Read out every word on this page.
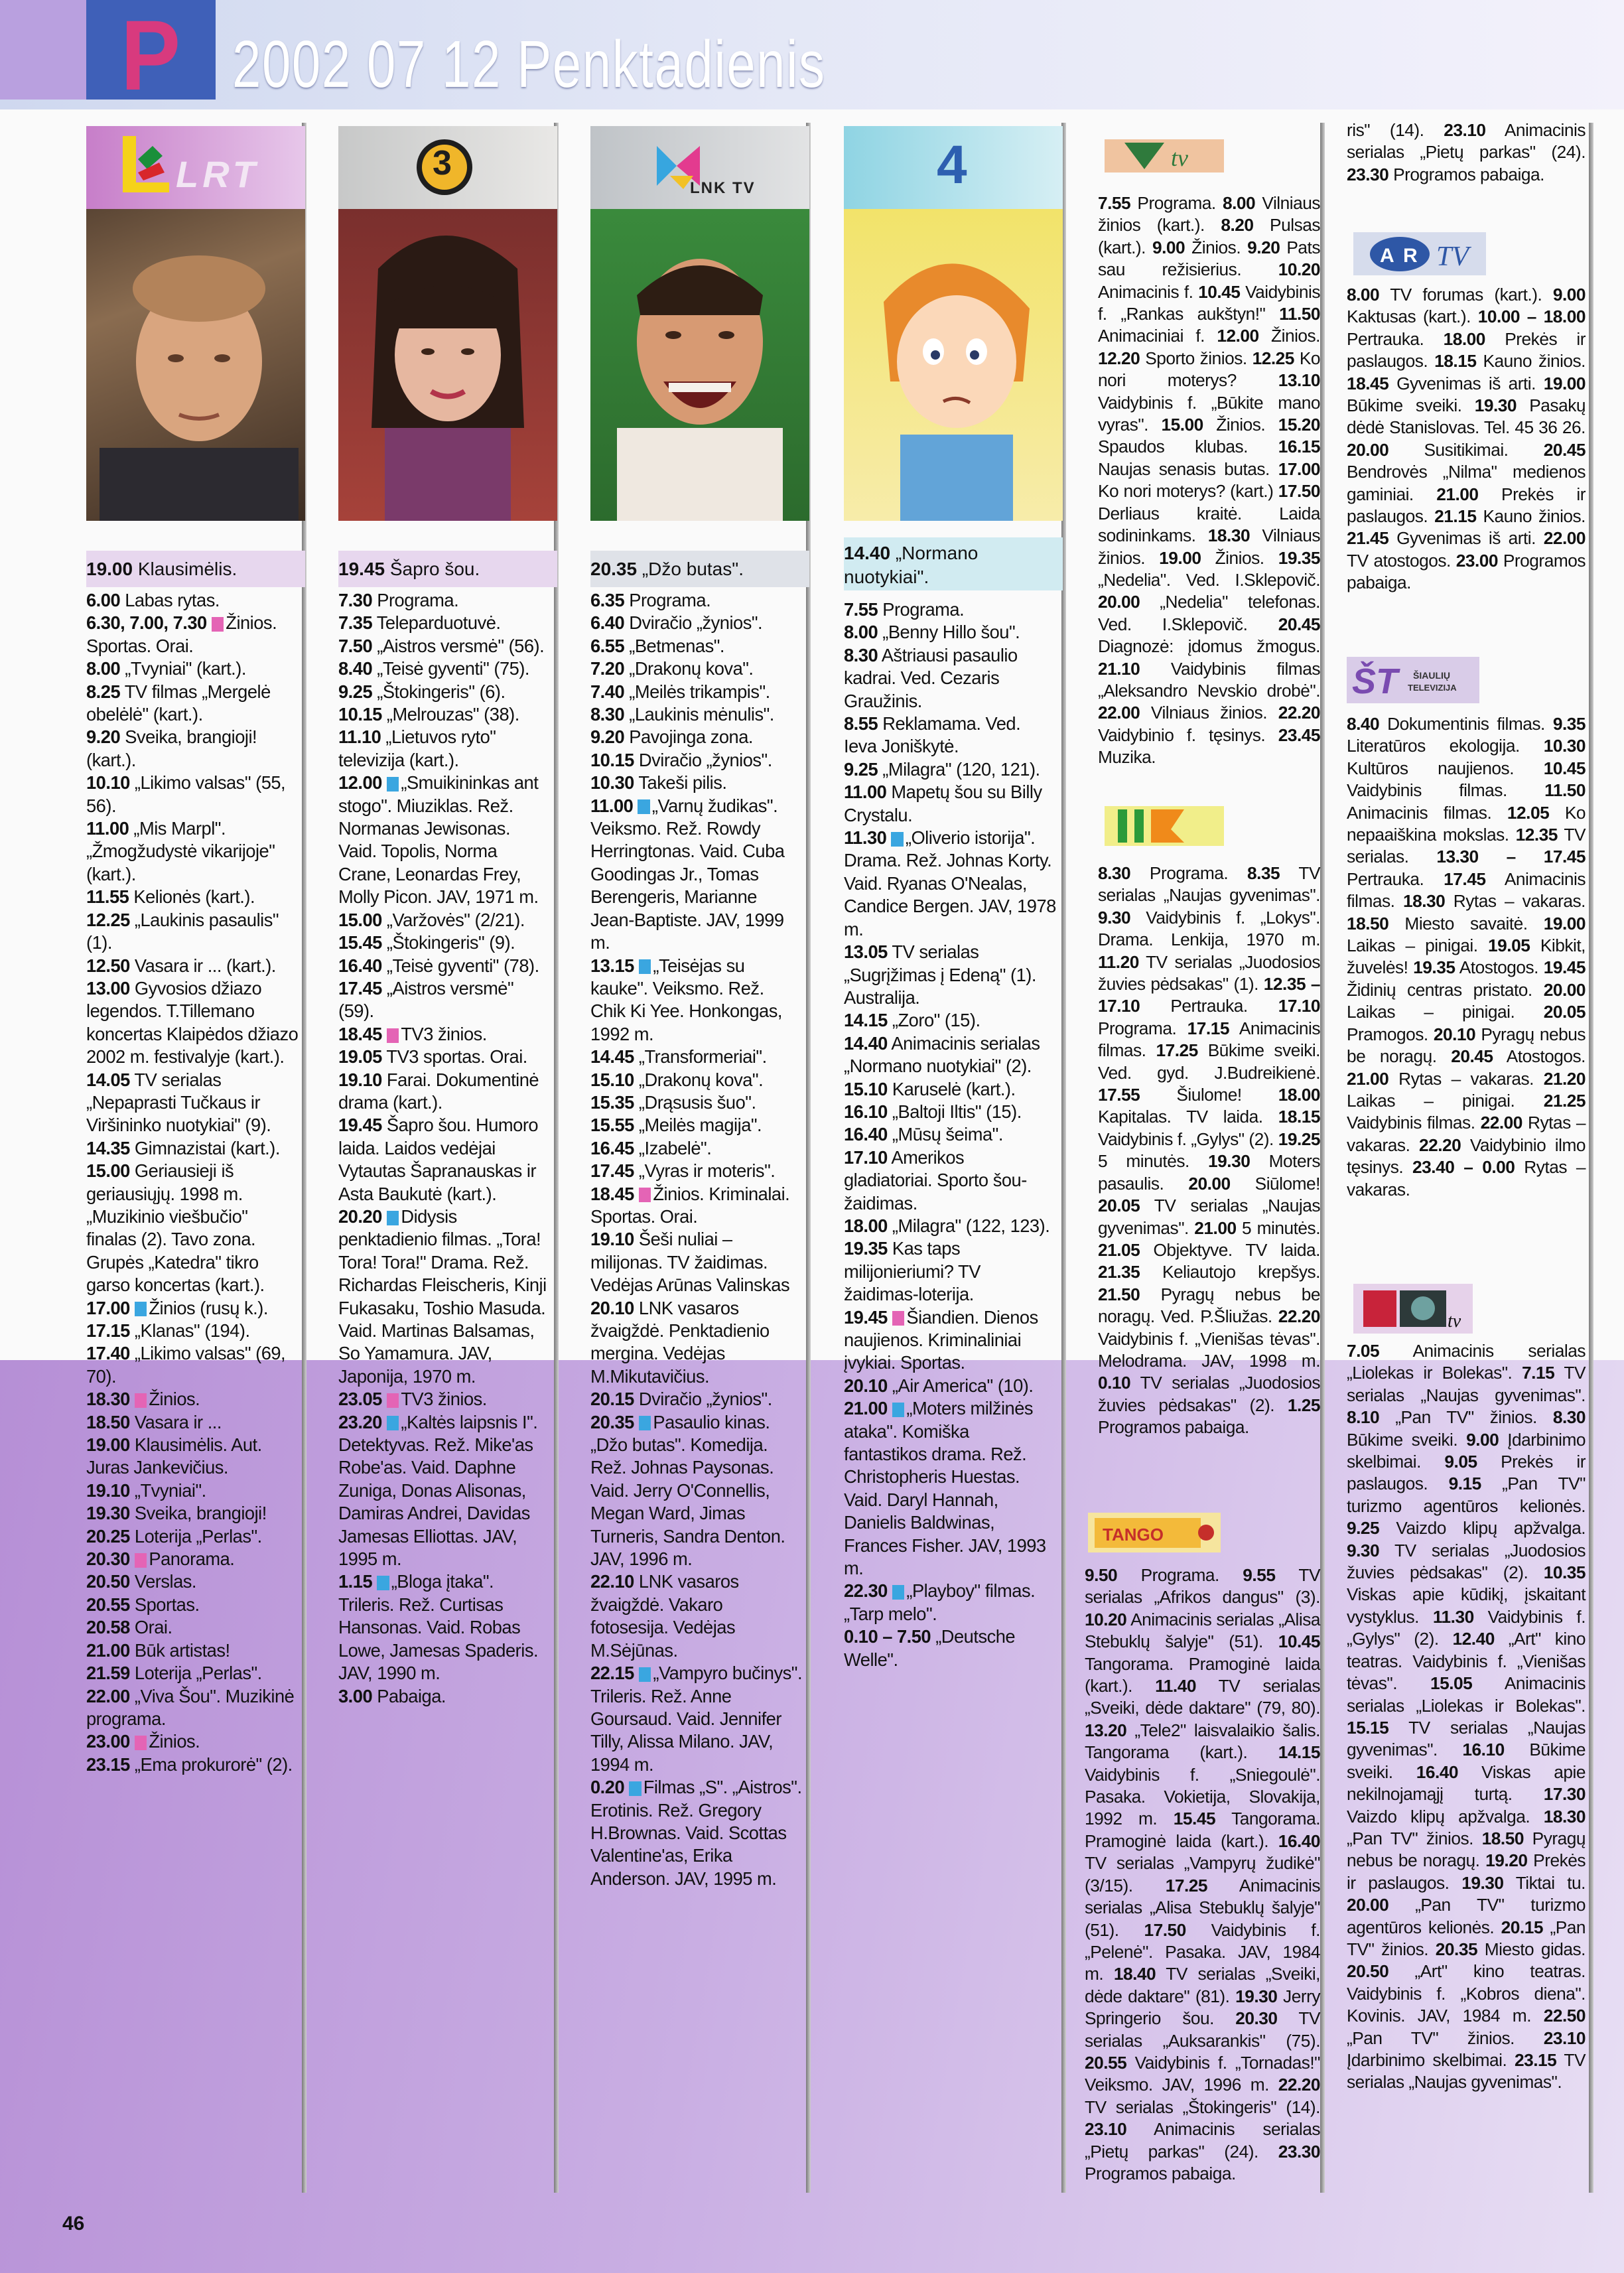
P 2002 07 12 Penktadienis
LRT
19.00 Klausimėlis.
6.00 Labas rytas.
6.30, 7.00, 7.30 Žinios. Sportas. Orai.
8.00 „Tvyniai" (kart.).
8.25 TV filmas „Mergelė obelėlė" (kart.).
9.20 Sveika, brangioji! (kart.).
10.10 „Likimo valsas" (55, 56).
11.00 „Mis Marpl". „Žmogžudystė vikarijoje" (kart.).
11.55 Kelionės (kart.).
12.25 „Laukinis pasaulis" (1).
12.50 Vasara ir ... (kart.).
13.00 Gyvosios džiazo legendos. T.Tillemano koncertas Klaipėdos džiazo 2002 m. festivalyje (kart.).
14.05 TV serialas „Nepaprasti Tučkaus ir Viršininko nuotykiai" (9).
14.35 Gimnazistai (kart.).
15.00 Geriausieji iš geriausiųjų. 1998 m. „Muzikinio viešbučio" finalas (2). Tavo zona. Grupės „Katedra" tikro garso koncertas (kart.).
17.00 Žinios (rusų k.).
17.15 „Klanas" (194).
17.40 „Likimo valsas" (69, 70).
18.30 Žinios.
18.50 Vasara ir ...
19.00 Klausimėlis. Aut. Juras Jankevičius.
19.10 „Tvyniai".
19.30 Sveika, brangioji!
20.25 Loterija „Perlas".
20.30 Panorama.
20.50 Verslas.
20.55 Sportas.
20.58 Orai.
21.00 Būk artistas!
21.59 Loterija „Perlas".
22.00 „Viva Šou". Muzikinė programa.
23.00 Žinios.
23.15 „Ema prokurorė" (2).
3
19.45 Šapro šou.
7.30 Programa.
7.35 Teleparduotuvė.
7.50 „Aistros versmė" (56).
8.40 „Teisė gyventi" (75).
9.25 „Štokingeris" (6).
10.15 „Melrouzas" (38).
11.10 „Lietuvos ryto" televizija (kart.).
12.00 „Smuikininkas ant stogo". Miuziklas. Rež. Normanas Jewisonas. Vaid. Topolis, Norma Crane, Leonardas Frey, Molly Picon. JAV, 1971 m.
15.00 „Varžovės" (2/21).
15.45 „Štokingeris" (9).
16.40 „Teisė gyventi" (78).
17.45 „Aistros versmė" (59).
18.45 TV3 žinios.
19.05 TV3 sportas. Orai.
19.10 Farai. Dokumentinė drama (kart.).
19.45 Šapro šou. Humoro laida. Laidos vedėjai Vytautas Šapranauskas ir Asta Baukutė (kart.).
20.20 Didysis penktadienio filmas. „Tora! Tora! Tora!" Drama. Rež. Richardas Fleischeris, Kinji Fukasaku, Toshio Masuda. Vaid. Martinas Balsamas, So Yamamura. JAV, Japonija, 1970 m.
23.05 TV3 žinios.
23.20 „Kaltės laipsnis I". Detektyvas. Rež. Mike'as Robe'as. Vaid. Daphne Zuniga, Donas Alisonas, Damiras Andrei, Davidas Jamesas Elliottas. JAV, 1995 m.
1.15 „Bloga įtaka". Trileris. Rež. Curtisas Hansonas. Vaid. Robas Lowe, Jamesas Spaderis. JAV, 1990 m.
3.00 Pabaiga.
LNK TV
20.35 „Džo butas".
6.35 Programa.
6.40 Dviračio „žynios".
6.55 „Betmenas".
7.20 „Drakonų kova".
7.40 „Meilės trikampis".
8.30 „Laukinis mėnulis".
9.20 Pavojinga zona.
10.15 Dviračio „žynios".
10.30 Takeši pilis.
11.00 „Varnų žudikas". Veiksmo. Rež. Rowdy Herringtonas. Vaid. Cuba Goodingas Jr., Tomas Berengeris, Marianne Jean-Baptiste. JAV, 1999 m.
13.15 „Teisėjas su kauke". Veiksmo. Rež. Chik Ki Yee. Honkongas, 1992 m.
14.45 „Transformeriai".
15.10 „Drakonų kova".
15.35 „Drąsusis šuo".
15.55 „Meilės magija".
16.45 „Izabelė".
17.45 „Vyras ir moteris".
18.45 Žinios. Kriminalai. Sportas. Orai.
19.10 Šeši nuliai – milijonas. TV žaidimas. Vedėjas Arūnas Valinskas
20.10 LNK vasaros žvaigždė. Penktadienio mergina. Vedėjas M.Mikutavičius.
20.15 Dviračio „žynios".
20.35 Pasaulio kinas. „Džo butas". Komedija. Rež. Johnas Paysonas. Vaid. Jerry O'Connellis, Megan Ward, Jimas Turneris, Sandra Denton. JAV, 1996 m.
22.10 LNK vasaros žvaigždė. Vakaro fotosesija. Vedėjas M.Sėjūnas.
22.15 „Vampyro bučinys". Trileris. Rež. Anne Goursaud. Vaid. Jennifer Tilly, Alissa Milano. JAV, 1994 m.
0.20 Filmas „S". „Aistros". Erotinis. Rež. Gregory H.Brownas. Vaid. Scottas Valentine'as, Erika Anderson. JAV, 1995 m.
4
14.40 „Normano nuotykiai".
7.55 Programa.
8.00 „Benny Hillo šou".
8.30 Aštriausi pasaulio kadrai. Ved. Cezaris Graužinis.
8.55 Reklamama. Ved. Ieva Joniškytė.
9.25 „Milagra" (120, 121).
11.00 Mapetų šou su Billy Crystalu.
11.30 „Oliverio istorija". Drama. Rež. Johnas Korty. Vaid. Ryanas O'Nealas, Candice Bergen. JAV, 1978 m.
13.05 TV serialas „Sugrįžimas į Edeną" (1). Australija.
14.15 „Zoro" (15).
14.40 Animacinis serialas „Normano nuotykiai" (2).
15.10 Karuselė (kart.).
16.10 „Baltoji Iltis" (15).
16.40 „Mūsų šeima".
17.10 Amerikos gladiatoriai. Sporto šou-žaidimas.
18.00 „Milagra" (122, 123).
19.35 Kas taps milijonieriumi? TV žaidimas-loterija.
19.45 Šiandien. Dienos naujienos. Kriminaliniai įvykiai. Sportas.
20.10 „Air America" (10).
21.00 „Moters milžinės ataka". Komiška fantastikos drama. Rež. Christopheris Huestas. Vaid. Daryl Hannah, Danielis Baldwinas, Frances Fisher. JAV, 1993 m.
22.30 „Playboy" filmas. „Tarp melo".
0.10 – 7.50 „Deutsche Welle".
tv
7.55 Programa. 8.00 Vilniaus žinios (kart.). 8.20 Pulsas (kart.). 9.00 Žinios. 9.20 Pats sau režisierius. 10.20 Animacinis f. 10.45 Vaidybinis f. „Rankas aukštyn!" 11.50 Animaciniai f. 12.00 Žinios. 12.20 Sporto žinios. 12.25 Ko nori moterys? 13.10 Vaidybinis f. „Būkite mano vyras". 15.00 Žinios. 15.20 Spaudos klubas. 16.15 Naujas senasis butas. 17.00 Ko nori moterys? (kart.) 17.50 Derliaus kraitė. Laida sodininkams. 18.30 Vilniaus žinios. 19.00 Žinios. 19.35 „Nedelia". Ved. I.Sklepovič. 20.00 „Nedelia" telefonas. Ved. I.Sklepovič. 20.45 Diagnozė: įdomus žmogus. 21.10 Vaidybinis filmas „Aleksandro Nevskio drobė". 22.00 Vilniaus žinios. 22.20 Vaidybinio f. tęsinys. 23.45 Muzika.
8.30 Programa. 8.35 TV serialas „Naujas gyvenimas". 9.30 Vaidybinis f. „Lokys". Drama. Lenkija, 1970 m. 11.20 TV serialas „Juodosios žuvies pėdsakas" (1). 12.35 – 17.10 Pertrauka. 17.10 Programa. 17.15 Animacinis filmas. 17.25 Būkime sveiki. Ved. gyd. J.Budreikienė. 17.55 Šiulome! 18.00 Kapitalas. TV laida. 18.15 Vaidybinis f. „Gylys" (2). 19.25 5 minutės. 19.30 Moters pasaulis. 20.00 Siūlome! 20.05 TV serialas „Naujas gyvenimas". 21.00 5 minutės. 21.05 Objektyve. TV laida. 21.35 Keliautojo krepšys. 21.50 Pyragų nebus be noragų. Ved. P.Šliužas. 22.20 Vaidybinis f. „Vienišas tėvas". Melodrama. JAV, 1998 m. 0.10 TV serialas „Juodosios žuvies pėdsakas" (2). 1.25 Programos pabaiga.
TANGO
9.50 Programa. 9.55 TV serialas „Afrikos dangus" (3). 10.20 Animacinis serialas „Alisa Stebuklų šalyje" (51). 10.45 Tangorama. Pramoginė laida (kart.). 11.40 TV serialas „Sveiki, dėde daktare" (79, 80). 13.20 „Tele2" laisvalaikio šalis. Tangorama (kart.). 14.15 Vaidybinis f. „Sniegoulė". Pasaka. Vokietija, Slovakija, 1992 m. 15.45 Tangorama. Pramoginė laida (kart.). 16.40 TV serialas „Vampyrų žudikė" (3/15). 17.25 Animacinis serialas „Alisa Stebuklų šalyje" (51). 17.50 Vaidybinis f. „Pelenė". Pasaka. JAV, 1984 m. 18.40 TV serialas „Sveiki, dėde daktare" (81). 19.30 Jerry Springerio šou. 20.30 TV serialas „Auksarankis" (75). 20.55 Vaidybinis f. „Tornadas!" Veiksmo. JAV, 1996 m. 22.20 TV serialas „Štokingeris" (14). 23.10 Animacinis serialas „Pietų parkas" (24). 23.30 Programos pabaiga.
ris" (14). 23.10 Animacinis serialas „Pietų parkas" (24). 23.30 Programos pabaiga.
A R TV
8.00 TV forumas (kart.). 9.00 Kaktusas (kart.). 10.00 – 18.00 Pertrauka. 18.00 Prekės ir paslaugos. 18.15 Kauno žinios. 18.45 Gyvenimas iš arti. 19.00 Būkime sveiki. 19.30 Pasakų dėdė Stanislovas. Tel. 45 36 26. 20.00 Susitikimai. 20.45 Bendrovės „Nilma" medienos gaminiai. 21.00 Prekės ir paslaugos. 21.15 Kauno žinios. 21.45 Gyvenimas iš arti. 22.00 TV atostogos. 23.00 Programos pabaiga.
ŠT ŠIAULIŲ
TELEVIZIJA
8.40 Dokumentinis filmas. 9.35 Literatūros ekologija. 10.30 Kultūros naujienos. 10.45 Vaidybinis filmas. 11.50 Animacinis filmas. 12.05 Ko nepaaiškina mokslas. 12.35 TV serialas. 13.30 – 17.45 Pertrauka. 17.45 Animacinis filmas. 18.30 Rytas – vakaras. 18.50 Miesto savaitė. 19.00 Laikas – pinigai. 19.05 Kibkit, žuvelės! 19.35 Atostogos. 19.45 Židinių centras pristato. 20.00 Laikas – pinigai. 20.05 Pramogos. 20.10 Pyragų nebus be noragų. 20.45 Atostogos. 21.00 Rytas – vakaras. 21.20 Laikas – pinigai. 21.25 Vaidybinis filmas. 22.00 Rytas – vakaras. 22.20 Vaidybinio ilmo tęsinys. 23.40 – 0.00 Rytas – vakaras.
tv
7.05 Animacinis serialas „Liolekas ir Bolekas". 7.15 TV serialas „Naujas gyvenimas". 8.10 „Pan TV" žinios. 8.30 Būkime sveiki. 9.00 Įdarbinimo skelbimai. 9.05 Prekės ir paslaugos. 9.15 „Pan TV" turizmo agentūros kelionės. 9.25 Vaizdo klipų apžvalga. 9.30 TV serialas „Juodosios žuvies pėdsakas" (2). 10.35 Viskas apie kūdikį, įskaitant vystyklus. 11.30 Vaidybinis f. „Gylys" (2). 12.40 „Art" kino teatras. Vaidybinis f. „Vienišas tėvas". 15.05 Animacinis serialas „Liolekas ir Bolekas". 15.15 TV serialas „Naujas gyvenimas". 16.10 Būkime sveiki. 16.40 Viskas apie nekilnojamąjį turtą. 17.30 Vaizdo klipų apžvalga. 18.30 „Pan TV" žinios. 18.50 Pyragų nebus be noragų. 19.20 Prekės ir paslaugos. 19.30 Tiktai tu. 20.00 „Pan TV" turizmo agentūros kelionės. 20.15 „Pan TV" žinios. 20.35 Miesto gidas. 20.50 „Art" kino teatras. Vaidybinis f. „Kobros diena". Kovinis. JAV, 1984 m. 22.50 „Pan TV" žinios. 23.10 Įdarbinimo skelbimai. 23.15 TV serialas „Naujas gyvenimas".
46
